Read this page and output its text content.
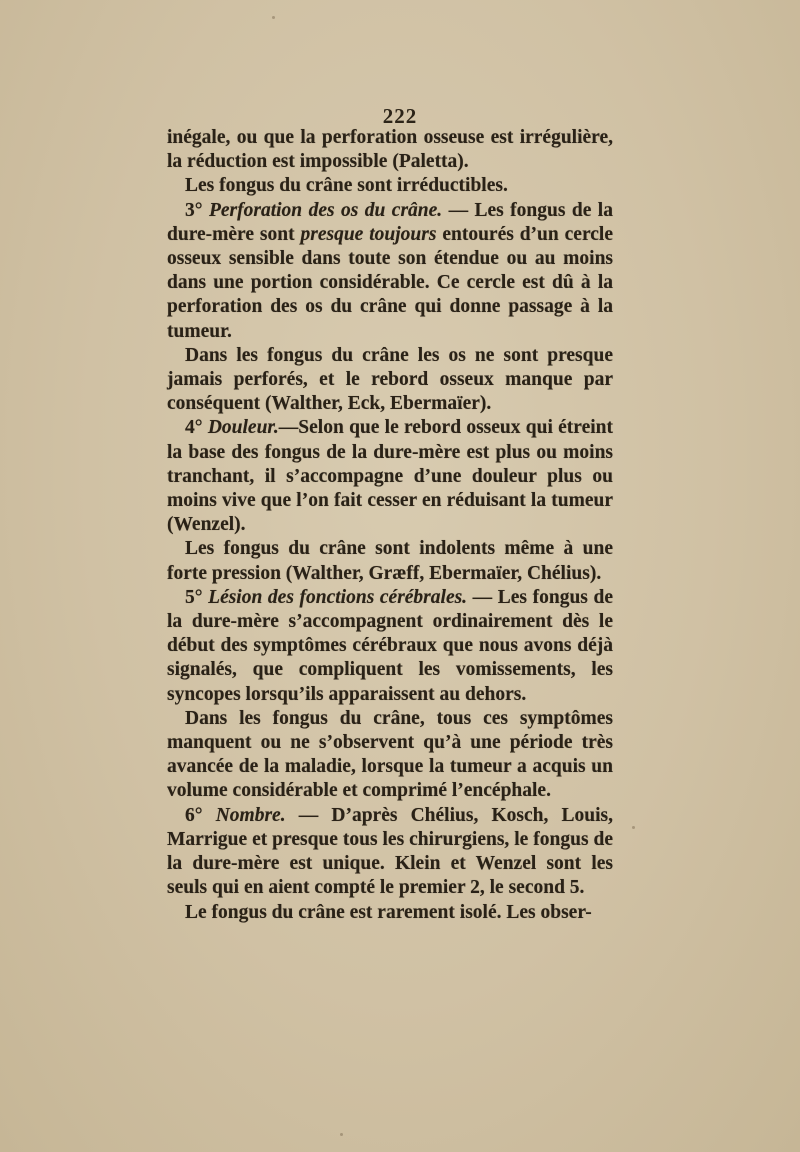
222

inégale, ou que la perforation osseuse est irrégulière, la réduction est impossible (Paletta).

Les fongus du crâne sont irréductibles.

3° Perforation des os du crâne. — Les fongus de la dure-mère sont presque toujours entourés d’un cercle osseux sensible dans toute son étendue ou au moins dans une portion considérable. Ce cercle est dû à la perforation des os du crâne qui donne passage à la tumeur.

Dans les fongus du crâne les os ne sont presque jamais perforés, et le rebord osseux manque par conséquent (Walther, Eck, Ebermaïer).

4° Douleur.—Selon que le rebord osseux qui étreint la base des fongus de la dure-mère est plus ou moins tranchant, il s’accompagne d’une douleur plus ou moins vive que l’on fait cesser en réduisant la tumeur (Wenzel).

Les fongus du crâne sont indolents même à une forte pression (Walther, Græff, Ebermaïer, Chélius).

5° Lésion des fonctions cérébrales. — Les fongus de la dure-mère s’accompagnent ordinairement dès le début des symptômes cérébraux que nous avons déjà signalés, que compliquent les vomissements, les syncopes lorsqu’ils apparaissent au dehors.

Dans les fongus du crâne, tous ces symptômes manquent ou ne s’observent qu’à une période très avancée de la maladie, lorsque la tumeur a acquis un volume considérable et comprimé l’encéphale.

6° Nombre. — D’après Chélius, Kosch, Louis, Marrigue et presque tous les chirurgiens, le fongus de la dure-mère est unique. Klein et Wenzel sont les seuls qui en aient compté le premier 2, le second 5.

Le fongus du crâne est rarement isolé. Les obser-
